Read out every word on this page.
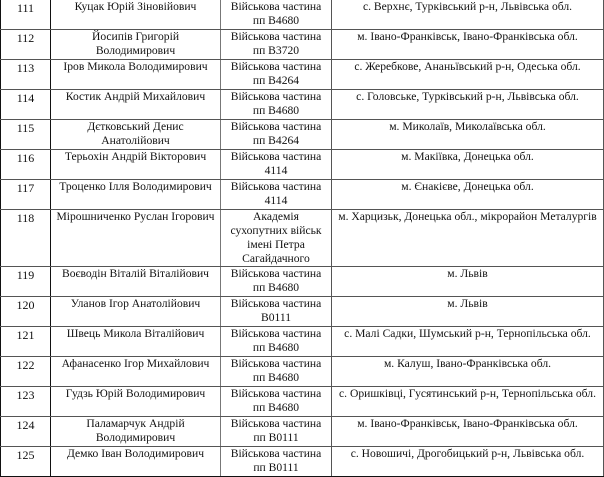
111	Куцак Юрій Зіновійович	Військова частина пп В4680	с. Верхнє, Турківський р-н, Львівська обл.
112	Йосипів Григорій Володимирович	Військова частина пп В3720	м. Івано-Франківськ, Івано-Франківська обл.
113	Іров Микола Володимирович	Військова частина пп В4264	с. Жеребкове, Ананьївський р-н, Одеська обл.
114	Костик Андрій Михайлович	Військова частина пп В4680	с. Головське, Турківський р-н, Львівська обл.
115	Дєтковський Денис Анатолійович	Військова частина пп В4264	м. Миколаїв, Миколаївська обл.
116	Терьохін Андрій Вікторович	Військова частина 4114	м. Макіївка, Донецька обл.
117	Троценко Ілля Володимирович	Військова частина 4114	м. Єнакієве, Донецька обл.
118	Мірошниченко Руслан Ігорович	Академія сухопутних військ імені Петра Сагайдачного	м. Харцизьк, Донецька обл., мікрорайон Металургів
119	Воєводін Віталій Віталійович	Військова частина пп В4680	м. Львів
120	Уланов Ігор Анатолійович	Військова частина В0111	м. Львів
121	Швець Микола Віталійович	Військова частина пп В4680	с. Малі Садки, Шумський р-н, Тернопільська обл.
122	Афанасенко Ігор Михайлович	Військова частина пп В4680	м. Калуш, Івано-Франківська обл.
123	Гудзь Юрій Володимирович	Військова частина пп В4680	с. Оришківці, Гусятинський р-н, Тернопільська обл.
124	Паламарчук Андрій Володимирович	Військова частина пп В0111	м. Івано-Франківськ, Івано-Франківська обл.
125	Демко Іван Володимирович	Військова частина пп В0111	с. Новошичі, Дрогобицький р-н, Львівська обл.
